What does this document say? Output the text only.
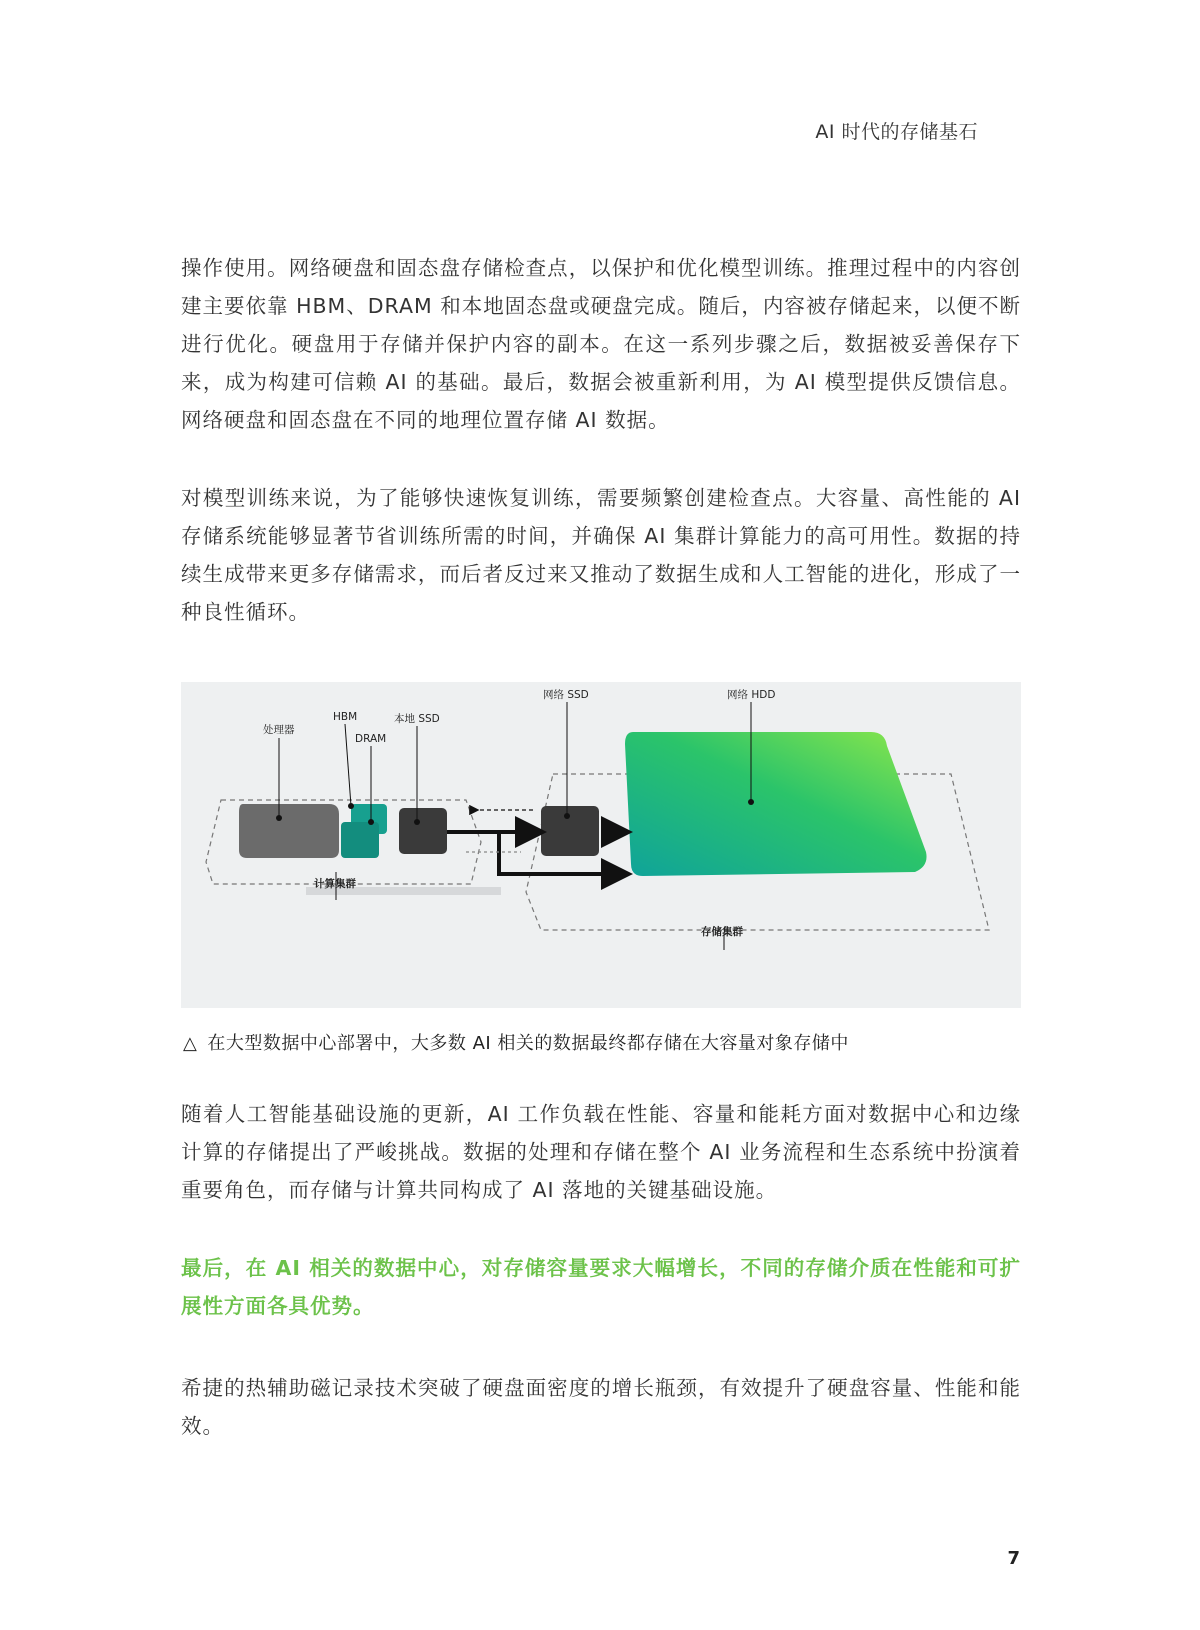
AI 时代的存储基石

操作使用。网络硬盘和固态盘存储检查点，以保护和优化模型训练。推理过程中的内容创建主要依靠 HBM、DRAM 和本地固态盘或硬盘完成。随后，内容被存储起来，以便不断进行优化。硬盘用于存储并保护内容的副本。在这一系列步骤之后，数据被妥善保存下来，成为构建可信赖 AI 的基础。最后，数据会被重新利用，为 AI 模型提供反馈信息。网络硬盘和固态盘在不同的地理位置存储 AI 数据。

对模型训练来说，为了能够快速恢复训练，需要频繁创建检查点。大容量、高性能的 AI 存储系统能够显著节省训练所需的时间，并确保 AI 集群计算能力的高可用性。数据的持续生成带来更多存储需求，而后者反过来又推动了数据生成和人工智能的进化，形成了一种良性循环。

处理器
HBM
DRAM
本地 SSD
网络 SSD	网络 HDD
计算集群
存储集群
△ 在大型数据中心部署中，大多数 AI 相关的数据最终都存储在大容量对象存储中

随着人工智能基础设施的更新，AI 工作负载在性能、容量和能耗方面对数据中心和边缘计算的存储提出了严峻挑战。数据的处理和存储在整个 AI 业务流程和生态系统中扮演着重要角色，而存储与计算共同构成了 AI 落地的关键基础设施。

最后，在 AI 相关的数据中心，对存储容量要求大幅增长，不同的存储介质在性能和可扩展性方面各具优势。

希捷的热辅助磁记录技术突破了硬盘面密度的增长瓶颈，有效提升了硬盘容量、性能和能效。

7
